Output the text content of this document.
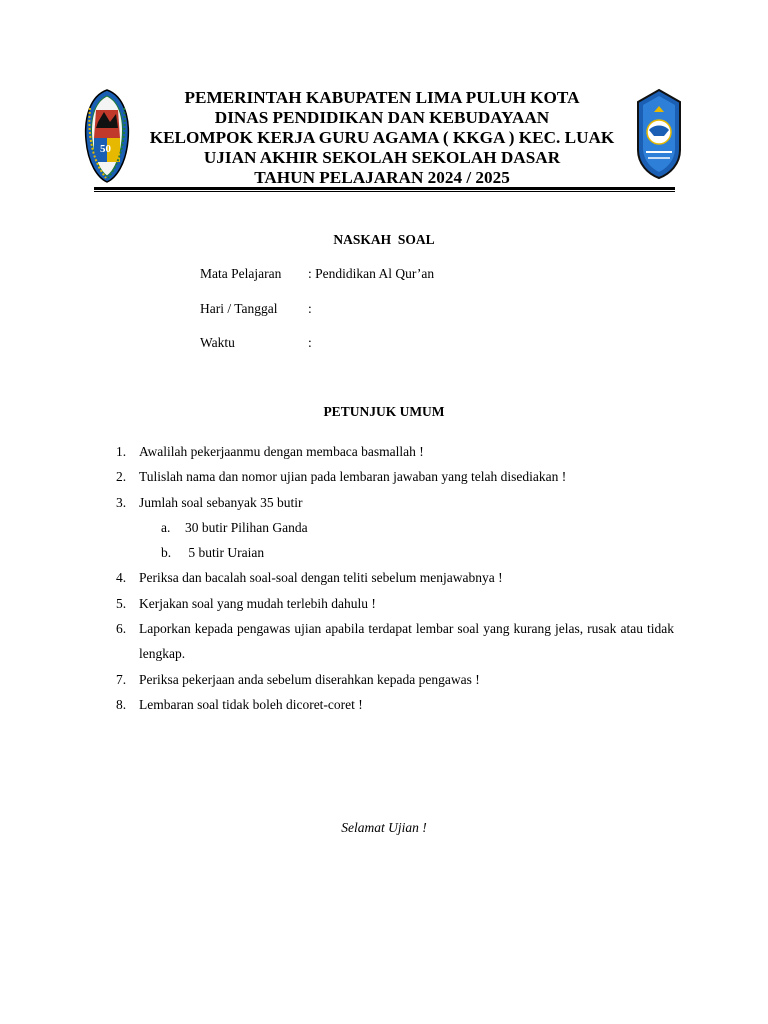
50
PEMERINTAH KABUPATEN LIMA PULUH KOTA
DINAS PENDIDIKAN DAN KEBUDAYAAN
KELOMPOK KERJA GURU AGAMA ( KKGA ) KEC. LUAK
UJIAN AKHIR SEKOLAH SEKOLAH DASAR
TAHUN PELAJARAN 2024 / 2025
NASKAH  SOAL
Mata Pelajaran	: Pendidikan Al Qur’an
Hari / Tanggal	:
Waktu	:
PETUNJUK UMUM
1. Awalilah pekerjaanmu dengan membaca basmallah !
2. Tulislah nama dan nomor ujian pada lembaran jawaban yang telah disediakan !
3. Jumlah soal sebanyak 35 butir
a.	30 butir Pilihan Ganda
b.	5 butir Uraian
4. Periksa dan bacalah soal-soal dengan teliti sebelum menjawabnya !
5. Kerjakan soal yang mudah terlebih dahulu !
6. Laporkan kepada pengawas ujian apabila terdapat lembar soal yang kurang jelas, rusak atau tidak lengkap.
7. Periksa pekerjaan anda sebelum diserahkan kepada pengawas !
8. Lembaran soal tidak boleh dicoret-coret !
Selamat Ujian !
